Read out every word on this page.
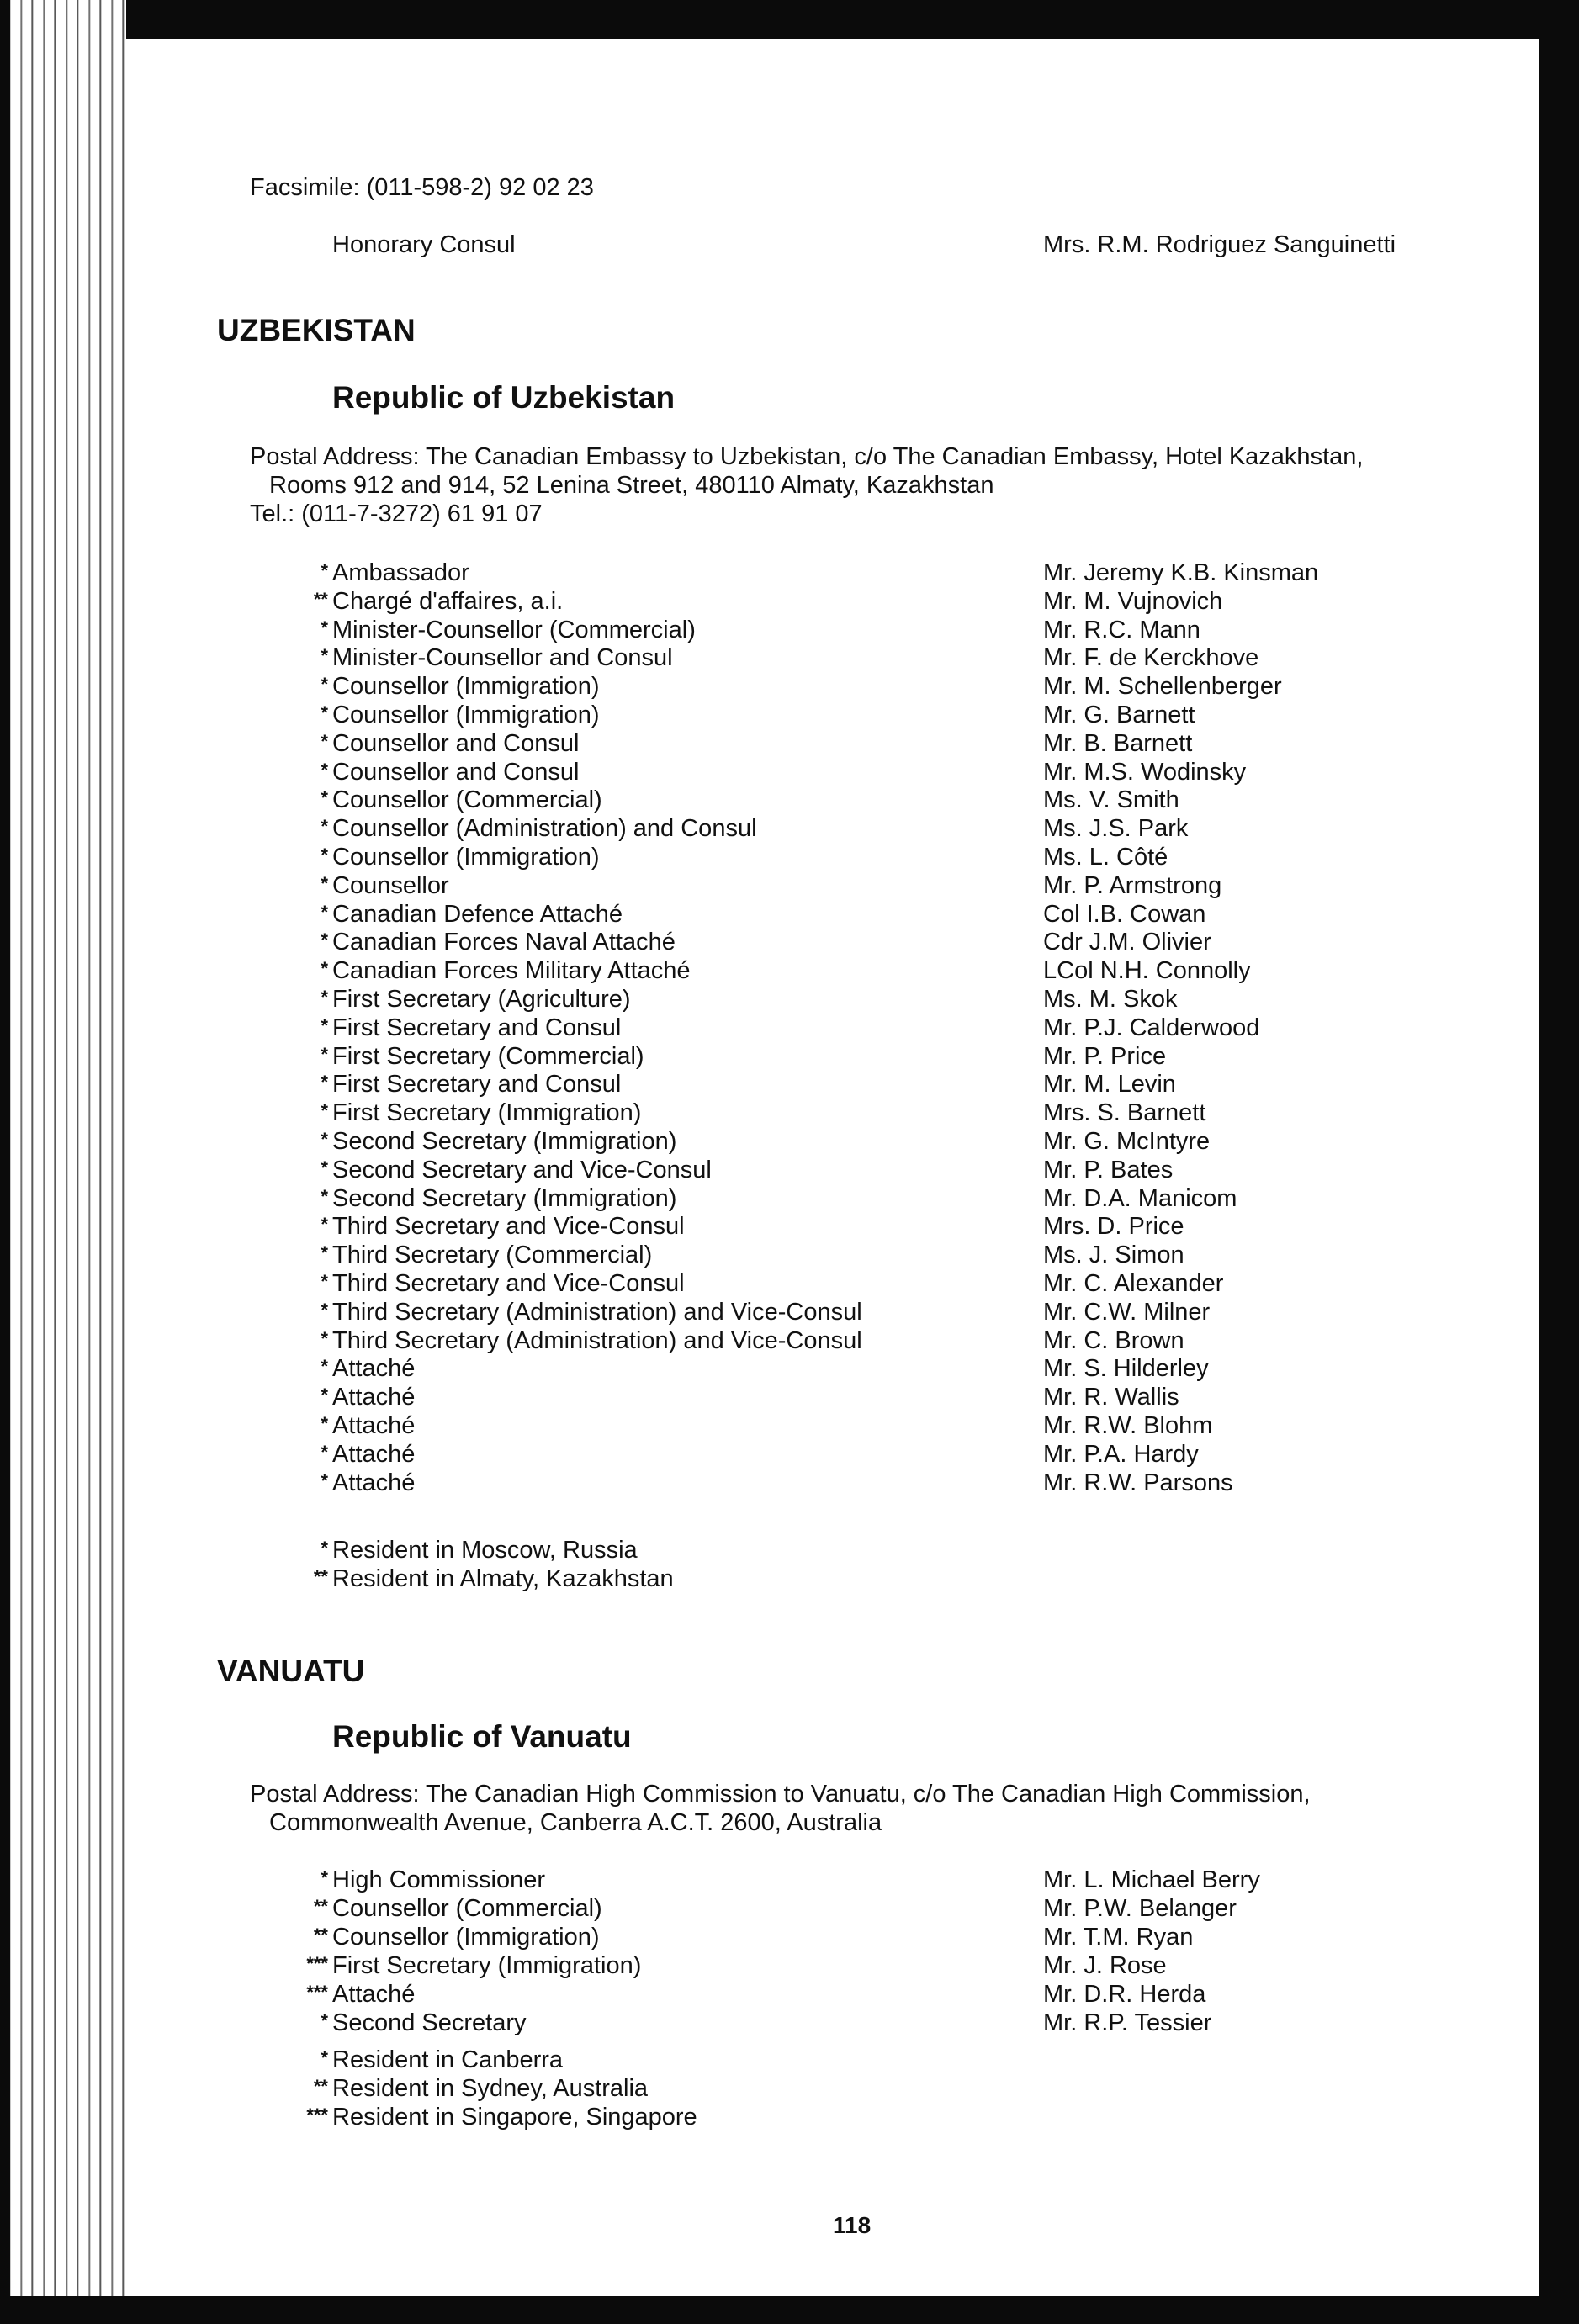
Facsimile: (011-598-2) 92 02 23
Honorary Consul	Mrs. R.M. Rodriguez Sanguinetti
UZBEKISTAN
Republic of Uzbekistan
Postal Address: The Canadian Embassy to Uzbekistan, c/o The Canadian Embassy, Hotel Kazakhstan,
Rooms 912 and 914, 52 Lenina Street, 480110 Almaty, Kazakhstan
Tel.: (011-7-3272) 61 91 07
* Ambassador	Mr. Jeremy K.B. Kinsman
** Chargé d'affaires, a.i.	Mr. M. Vujnovich
* Minister-Counsellor (Commercial)	Mr. R.C. Mann
* Minister-Counsellor and Consul	Mr. F. de Kerckhove
* Counsellor (Immigration)	Mr. M. Schellenberger
* Counsellor (Immigration)	Mr. G. Barnett
* Counsellor and Consul	Mr. B. Barnett
* Counsellor and Consul	Mr. M.S. Wodinsky
* Counsellor (Commercial)	Ms. V. Smith
* Counsellor (Administration) and Consul	Ms. J.S. Park
* Counsellor (Immigration)	Ms. L. Côté
* Counsellor	Mr. P. Armstrong
* Canadian Defence Attaché	Col I.B. Cowan
* Canadian Forces Naval Attaché	Cdr J.M. Olivier
* Canadian Forces Military Attaché	LCol N.H. Connolly
* First Secretary (Agriculture)	Ms. M. Skok
* First Secretary and Consul	Mr. P.J. Calderwood
* First Secretary (Commercial)	Mr. P. Price
* First Secretary and Consul	Mr. M. Levin
* First Secretary (Immigration)	Mrs. S. Barnett
* Second Secretary (Immigration)	Mr. G. McIntyre
* Second Secretary and Vice-Consul	Mr. P. Bates
* Second Secretary (Immigration)	Mr. D.A. Manicom
* Third Secretary and Vice-Consul	Mrs. D. Price
* Third Secretary (Commercial)	Ms. J. Simon
* Third Secretary and Vice-Consul	Mr. C. Alexander
* Third Secretary (Administration) and Vice-Consul	Mr. C.W. Milner
* Third Secretary (Administration) and Vice-Consul	Mr. C. Brown
* Attaché	Mr. S. Hilderley
* Attaché	Mr. R. Wallis
* Attaché	Mr. R.W. Blohm
* Attaché	Mr. P.A. Hardy
* Attaché	Mr. R.W. Parsons
* Resident in Moscow, Russia
** Resident in Almaty, Kazakhstan
VANUATU
Republic of Vanuatu
Postal Address: The Canadian High Commission to Vanuatu, c/o The Canadian High Commission,
Commonwealth Avenue, Canberra A.C.T. 2600, Australia
* High Commissioner	Mr. L. Michael Berry
** Counsellor (Commercial)	Mr. P.W. Belanger
** Counsellor (Immigration)	Mr. T.M. Ryan
*** First Secretary (Immigration)	Mr. J. Rose
*** Attaché	Mr. D.R. Herda
* Second Secretary	Mr. R.P. Tessier
* Resident in Canberra
** Resident in Sydney, Australia
*** Resident in Singapore, Singapore
118
